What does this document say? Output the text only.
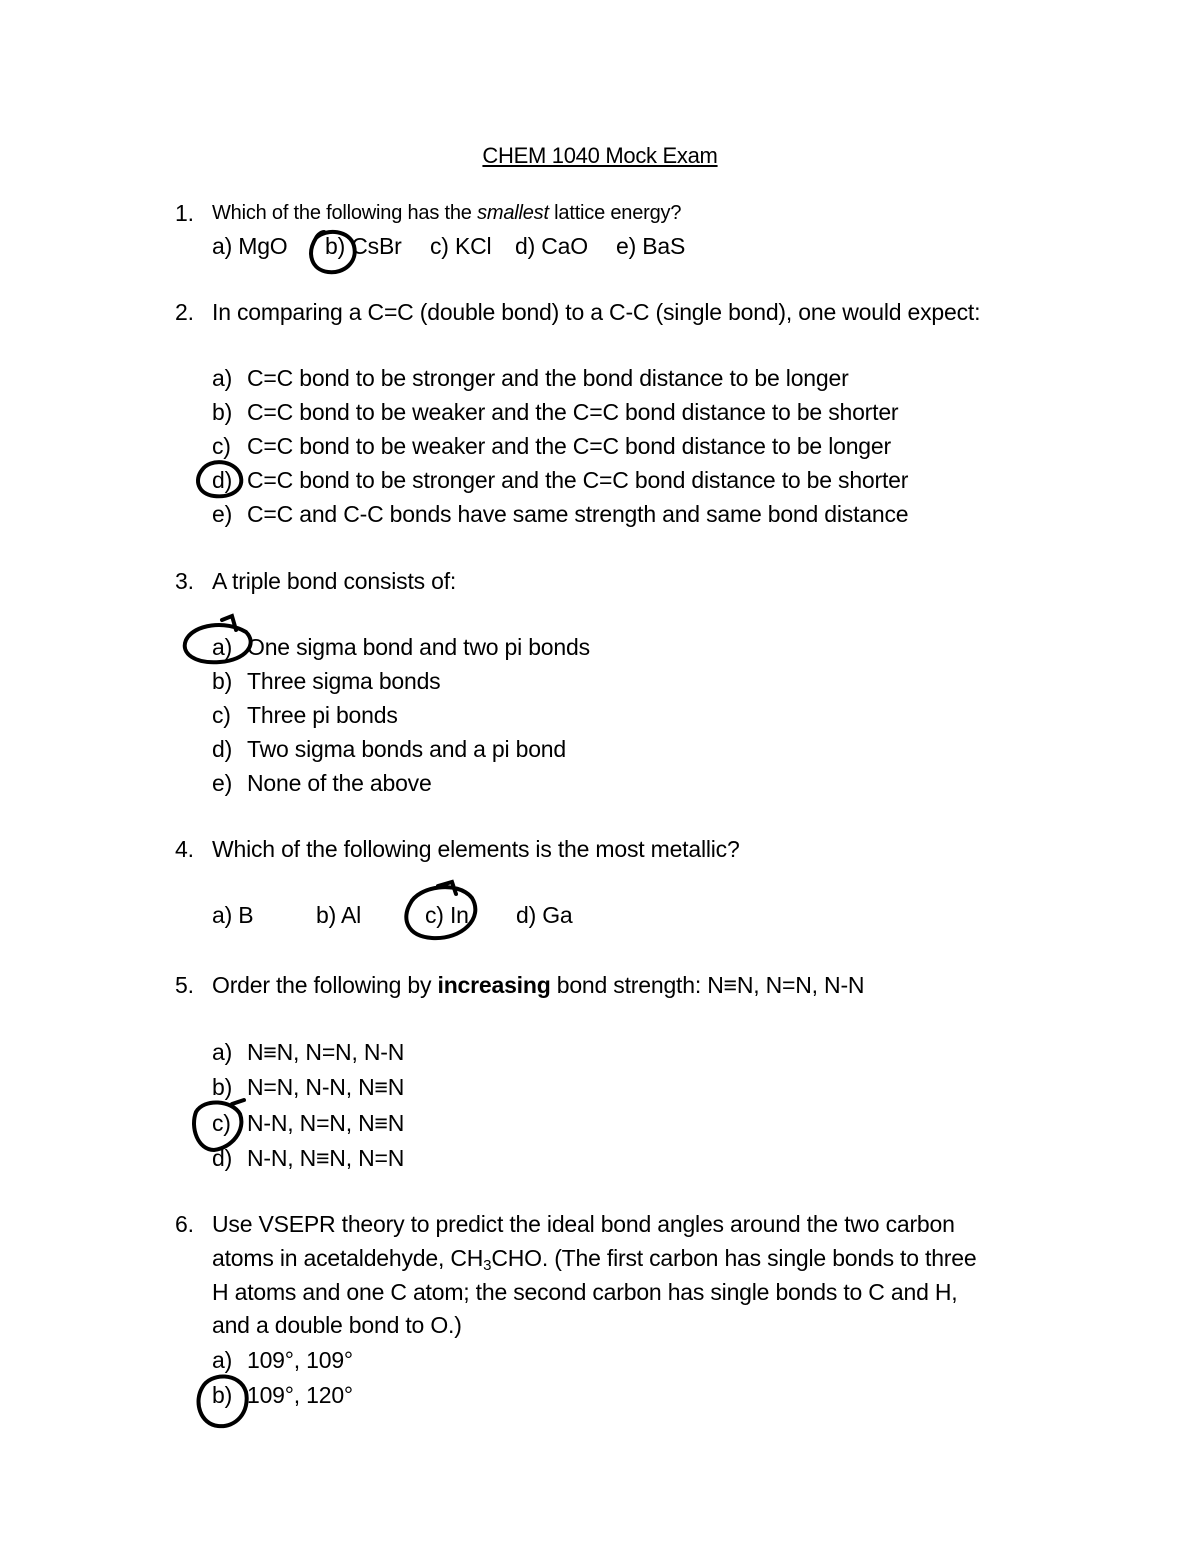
CHEM 1040 Mock Exam
1. Which of the following has the smallest lattice energy?
a) MgO b) CsBr c) KCl d) CaO e) BaS
2. In comparing a C=C (double bond) to a C-C (single bond), one would expect:
a) C=C bond to be stronger and the bond distance to be longer
b) C=C bond to be weaker and the C=C bond distance to be shorter
c) C=C bond to be weaker and the C=C bond distance to be longer
d) C=C bond to be stronger and the C=C bond distance to be shorter
e) C=C and C-C bonds have same strength and same bond distance
3. A triple bond consists of:
a) One sigma bond and two pi bonds
b) Three sigma bonds
c) Three pi bonds
d) Two sigma bonds and a pi bond
e) None of the above
4. Which of the following elements is the most metallic?
a) B	b) Al	c) In d) Ga
5. Order the following by increasing bond strength: N≡N, N=N, N-N
a) N≡N, N=N, N-N
b) N=N, N-N, N≡N
c) N-N, N=N, N≡N
d) N-N, N≡N, N=N
6. Use VSEPR theory to predict the ideal bond angles around the two carbon
atoms in acetaldehyde, $CH_3CHO$. (The first carbon has single bonds to three
H atoms and one C atom; the second carbon has single bonds to C and H,
and a double bond to O.)
a) 109°, 109°
b) 109°, 120°
